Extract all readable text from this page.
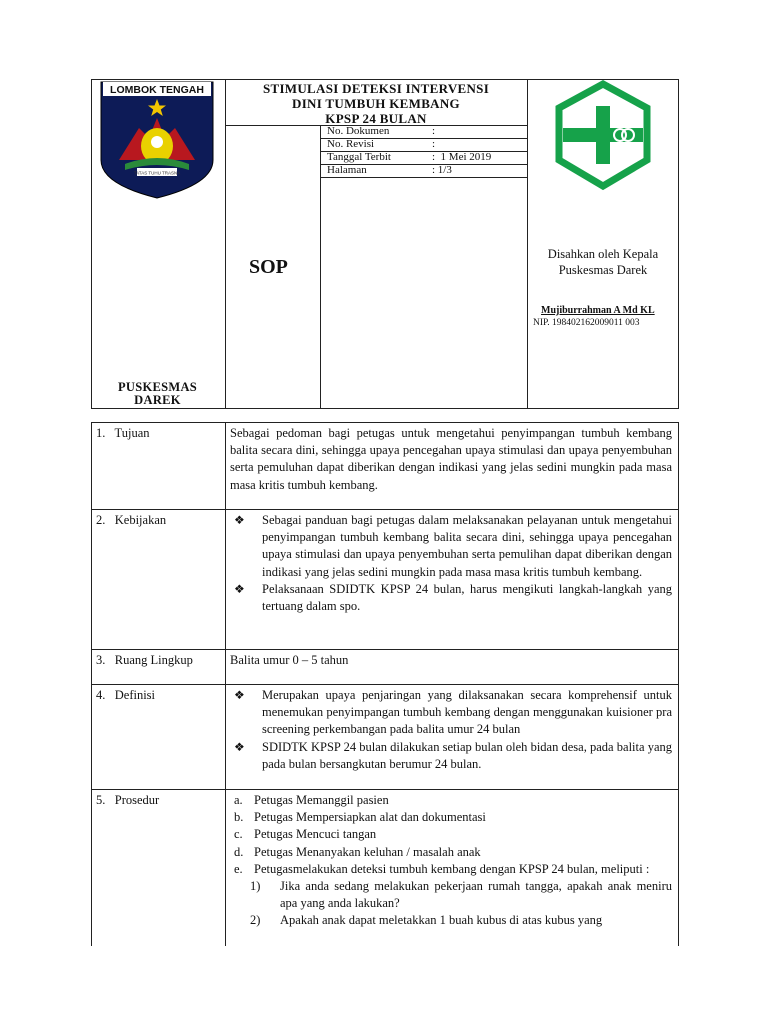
LOMBOK TENGAH
TATAS TUHU TRASNA
PUSKESMAS DAREK
STIMULASI DETEKSI INTERVENSI
DINI TUMBUH KEMBANG
KPSP 24 BULAN
SOP
No. Dokumen	:
No. Revisi	:
Tanggal Terbit	:  1 Mei 2019
Halaman	: 1/3
Disahkan oleh Kepala
Puskesmas Darek
Mujiburrahman A Md KL
NIP. 198402162009011 003
1.   Tujuan	Sebagai pedoman bagi petugas untuk mengetahui penyimpangan tumbuh kembang balita secara dini, sehingga upaya pencegahan upaya stimulasi dan upaya penyembuhan serta pemuluhan dapat diberikan dengan indikasi yang jelas sedini mungkin pada masa masa kritis tumbuh kembang.
2.   Kebijakan	❖ Sebagai panduan bagi petugas dalam melaksanakan pelayanan untuk mengetahui penyimpangan tumbuh kembang balita secara dini, sehingga upaya pencegahan upaya stimulasi dan upaya penyembuhan serta pemulihan dapat diberikan dengan indikasi yang jelas sedini mungkin pada masa masa kritis tumbuh kembang.
❖ Pelaksanaan SDIDTK KPSP 24 bulan, harus mengikuti langkah-langkah yang tertuang dalam spo.
3.   Ruang Lingkup	Balita umur 0 – 5 tahun
4.   Definisi	❖ Merupakan upaya penjaringan yang dilaksanakan secara komprehensif untuk menemukan penyimpangan tumbuh kembang dengan menggunakan kuisioner pra screening perkembangan pada balita umur 24 bulan
❖ SDIDTK KPSP 24 bulan dilakukan setiap bulan oleh bidan desa, pada balita yang pada bulan bersangkutan berumur 24 bulan.
5.   Prosedur	a. Petugas Memanggil pasien
b. Petugas Mempersiapkan alat dan dokumentasi
c. Petugas Mencuci tangan
d. Petugas Menanyakan keluhan / masalah anak
e. Petugasmelakukan deteksi tumbuh kembang dengan KPSP 24 bulan, meliputi :
1) Jika anda sedang melakukan pekerjaan rumah tangga, apakah anak meniru apa yang anda lakukan?
2) Apakah anak dapat meletakkan 1 buah kubus di atas kubus yang
